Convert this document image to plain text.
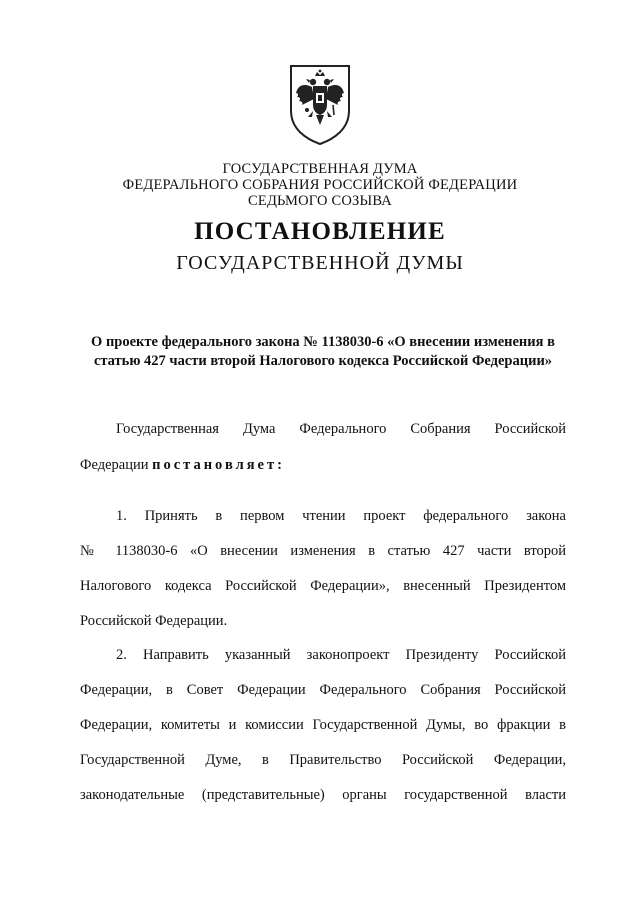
ГОСУДАРСТВЕННАЯ ДУМА
ФЕДЕРАЛЬНОГО СОБРАНИЯ РОССИЙСКОЙ ФЕДЕРАЦИИ
СЕДЬМОГО СОЗЫВА
ПОСТАНОВЛЕНИЕ
ГОСУДАРСТВЕННОЙ ДУМЫ
О проекте федерального закона № 1138030-6 «О внесении изменения в
статью 427 части второй Налогового кодекса Российской Федерации»
Государственная Дума Федерального Собрания Российской
Федерации постановляет:
1. Принять в первом чтении проект федерального закона
№ 1138030-6 «О внесении изменения в статью 427 части второй
Налогового кодекса Российской Федерации», внесенный Президентом
Российской Федерации.
2. Направить указанный законопроект Президенту Российской
Федерации, в Совет Федерации Федерального Собрания Российской
Федерации, комитеты и комиссии Государственной Думы, во фракции в
Государственной Думе, в Правительство Российской Федерации,
законодательные (представительные) органы государственной власти
